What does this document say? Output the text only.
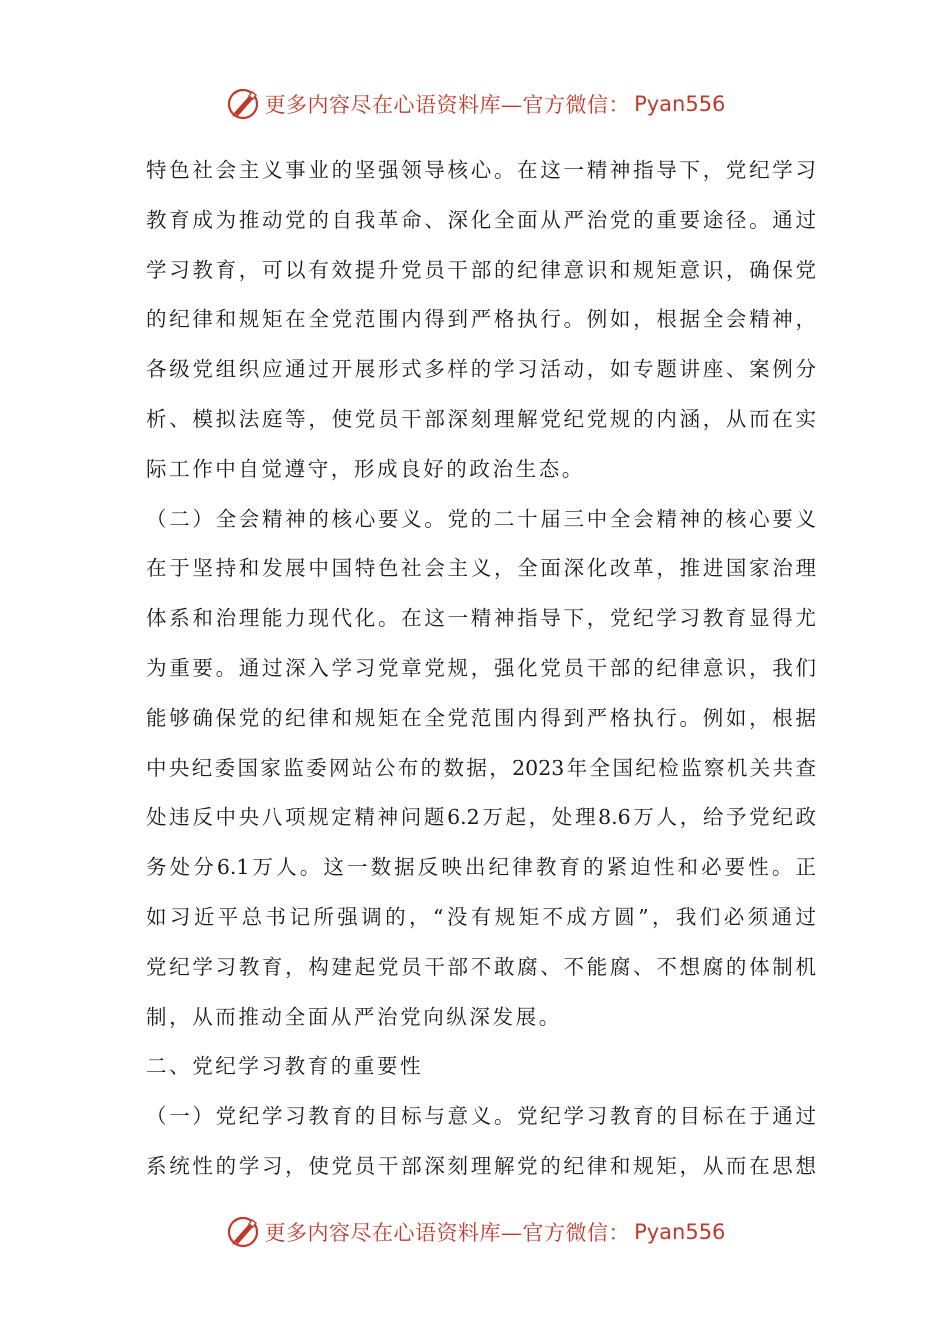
更多内容尽在心语资料库—官方微信： Pyan556
特色社会主义事业的坚强领导核心。在这一精神指导下，党纪学习
教育成为推动党的自我革命、深化全面从严治党的重要途径。通过
学习教育，可以有效提升党员干部的纪律意识和规矩意识，确保党
的纪律和规矩在全党范围内得到严格执行。例如，根据全会精神，
各级党组织应通过开展形式多样的学习活动，如专题讲座、案例分
析、模拟法庭等，使党员干部深刻理解党纪党规的内涵，从而在实
际工作中自觉遵守，形成良好的政治生态。
（二）全会精神的核心要义。党的二十届三中全会精神的核心要义
在于坚持和发展中国特色社会主义，全面深化改革，推进国家治理
体系和治理能力现代化。在这一精神指导下，党纪学习教育显得尤
为重要。通过深入学习党章党规，强化党员干部的纪律意识，我们
能够确保党的纪律和规矩在全党范围内得到严格执行。例如，根据
中央纪委国家监委网站公布的数据，2023年全国纪检监察机关共查
处违反中央八项规定精神问题6.2万起，处理8.6万人，给予党纪政
务处分6.1万人。这一数据反映出纪律教育的紧迫性和必要性。正
如习近平总书记所强调的，“没有规矩不成方圆”，我们必须通过
党纪学习教育，构建起党员干部不敢腐、不能腐、不想腐的体制机
制，从而推动全面从严治党向纵深发展。
二、党纪学习教育的重要性
（一）党纪学习教育的目标与意义。党纪学习教育的目标在于通过
系统性的学习，使党员干部深刻理解党的纪律和规矩，从而在思想
更多内容尽在心语资料库—官方微信： Pyan556
